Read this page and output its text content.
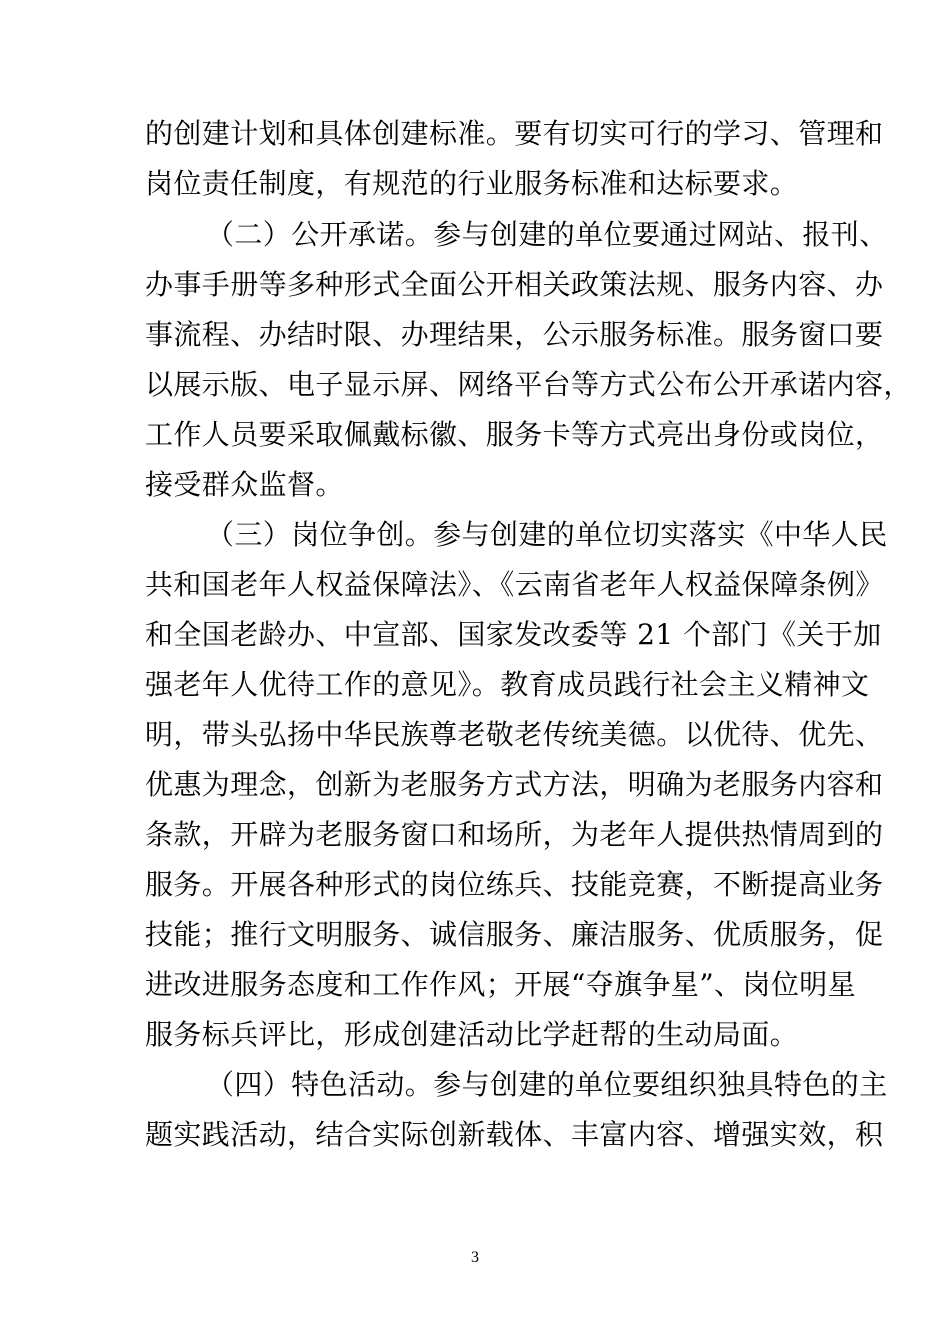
的创建计划和具体创建标准。要有切实可行的学习、管理和
岗位责任制度，有规范的行业服务标准和达标要求。
（二）公开承诺。参与创建的单位要通过网站、报刊、
办事手册等多种形式全面公开相关政策法规、服务内容、办
事流程、办结时限、办理结果，公示服务标准。服务窗口要
以展示版、电子显示屏、网络平台等方式公布公开承诺内容，
工作人员要采取佩戴标徽、服务卡等方式亮出身份或岗位，
接受群众监督。
（三）岗位争创。参与创建的单位切实落实《中华人民
共和国老年人权益保障法》、《云南省老年人权益保障条例》
和全国老龄办、中宣部、国家发改委等 21 个部门《关于加
强老年人优待工作的意见》。教育成员践行社会主义精神文
明，带头弘扬中华民族尊老敬老传统美德。以优待、优先、
优惠为理念，创新为老服务方式方法，明确为老服务内容和
条款，开辟为老服务窗口和场所，为老年人提供热情周到的
服务。开展各种形式的岗位练兵、技能竞赛，不断提高业务
技能；推行文明服务、诚信服务、廉洁服务、优质服务，促
进改进服务态度和工作作风；开展“夺旗争星”、岗位明星
服务标兵评比，形成创建活动比学赶帮的生动局面。
（四）特色活动。参与创建的单位要组织独具特色的主
题实践活动，结合实际创新载体、丰富内容、增强实效，积
3
